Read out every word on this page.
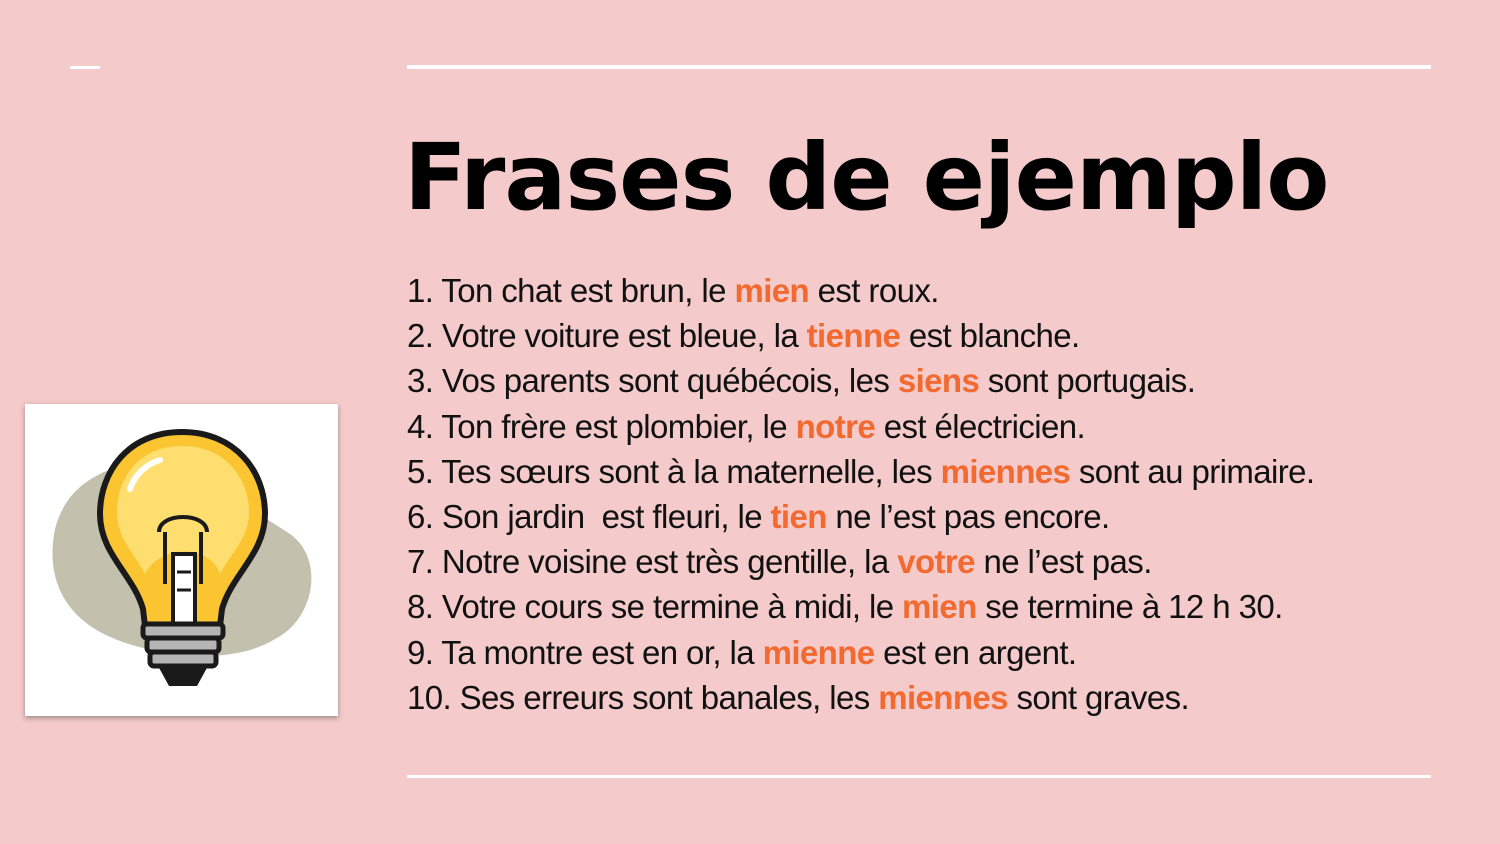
Frases de ejemplo
1. Ton chat est brun, le mien est roux.
2. Votre voiture est bleue, la tienne est blanche.
3. Vos parents sont québécois, les siens sont portugais.
4. Ton frère est plombier, le notre est électricien.
5. Tes sœurs sont à la maternelle, les miennes sont au primaire.
6. Son jardin  est fleuri, le tien ne l’est pas encore.
7. Notre voisine est très gentille, la votre ne l’est pas.
8. Votre cours se termine à midi, le mien se termine à 12 h 30.
9. Ta montre est en or, la mienne est en argent.
10. Ses erreurs sont banales, les miennes sont graves.
